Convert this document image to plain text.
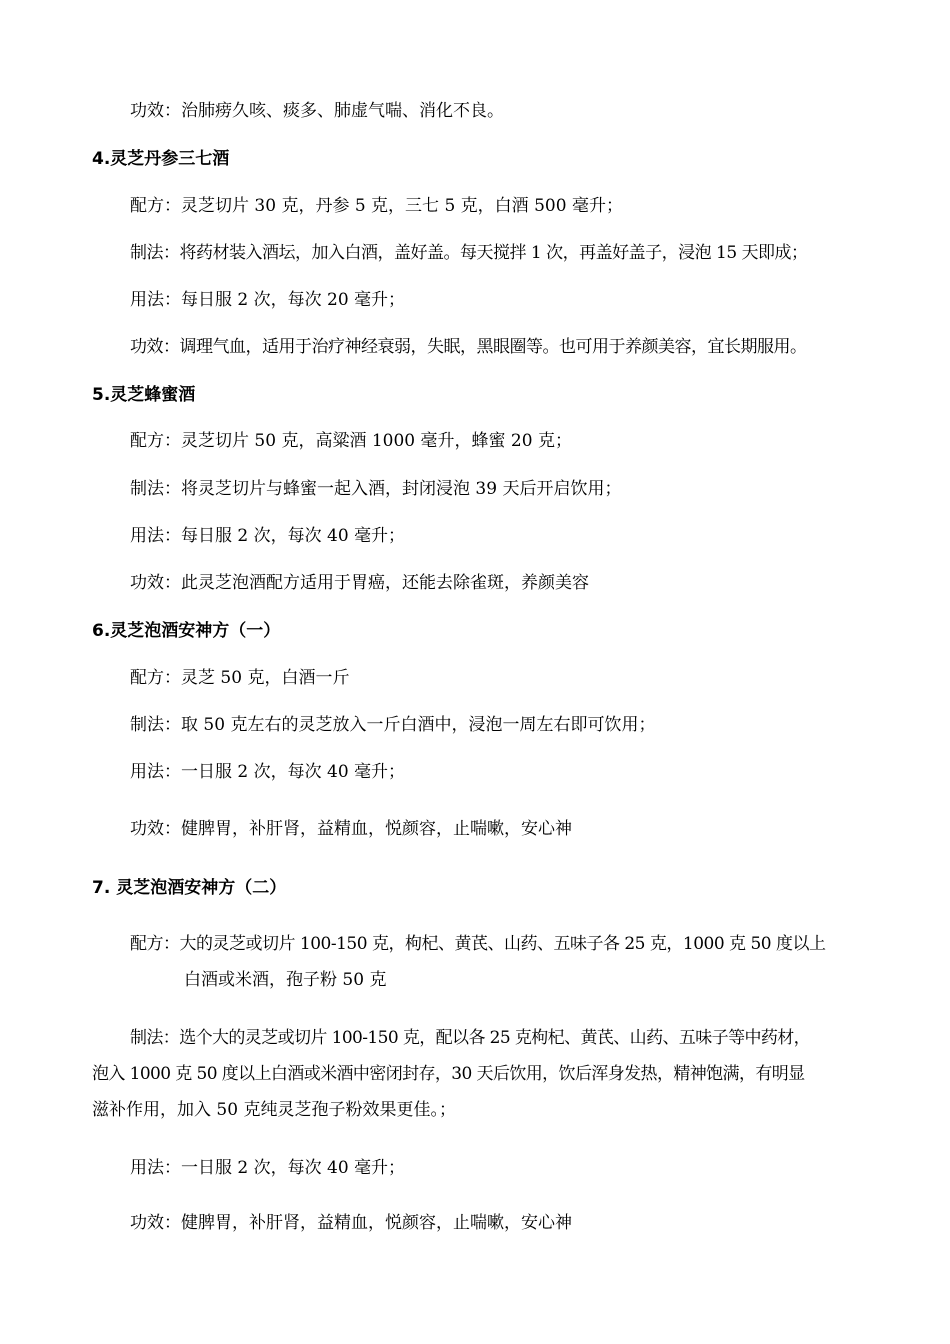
功效：治肺痨久咳、痰多、肺虚气喘、消化不良。
4.灵芝丹参三七酒
配方：灵芝切片 30 克，丹参 5 克，三七 5 克，白酒 500 毫升；
制法：将药材装入酒坛，加入白酒，盖好盖。每天搅拌 1 次，再盖好盖子，浸泡 15 天即成；
用法：每日服 2 次，每次 20 毫升；
功效：调理气血，适用于治疗神经衰弱，失眠，黑眼圈等。也可用于养颜美容，宜长期服用。
5.灵芝蜂蜜酒
配方：灵芝切片 50 克，高粱酒 1000 毫升，蜂蜜 20 克；
制法：将灵芝切片与蜂蜜一起入酒，封闭浸泡 39 天后开启饮用；
用法：每日服 2 次，每次 40 毫升；
功效：此灵芝泡酒配方适用于胃癌，还能去除雀斑，养颜美容
6.灵芝泡酒安神方（一）
配方：灵芝 50 克，白酒一斤
制法：取 50 克左右的灵芝放入一斤白酒中，浸泡一周左右即可饮用；
用法：一日服 2 次，每次 40 毫升；
功效：健脾胃，补肝肾，益精血，悦颜容，止喘嗽，安心神
7. 灵芝泡酒安神方（二）
配方：大的灵芝或切片 100-150 克，枸杞、黄芪、山药、五味子各 25 克，1000 克 50 度以上
白酒或米酒，孢子粉 50 克
制法：选个大的灵芝或切片 100-150 克，配以各 25 克枸杞、黄芪、山药、五味子等中药材，
泡入 1000 克 50 度以上白酒或米酒中密闭封存，30 天后饮用，饮后浑身发热，精神饱满，有明显
滋补作用，加入 50 克纯灵芝孢子粉效果更佳。；
用法：一日服 2 次，每次 40 毫升；
功效：健脾胃，补肝肾，益精血，悦颜容，止喘嗽，安心神
